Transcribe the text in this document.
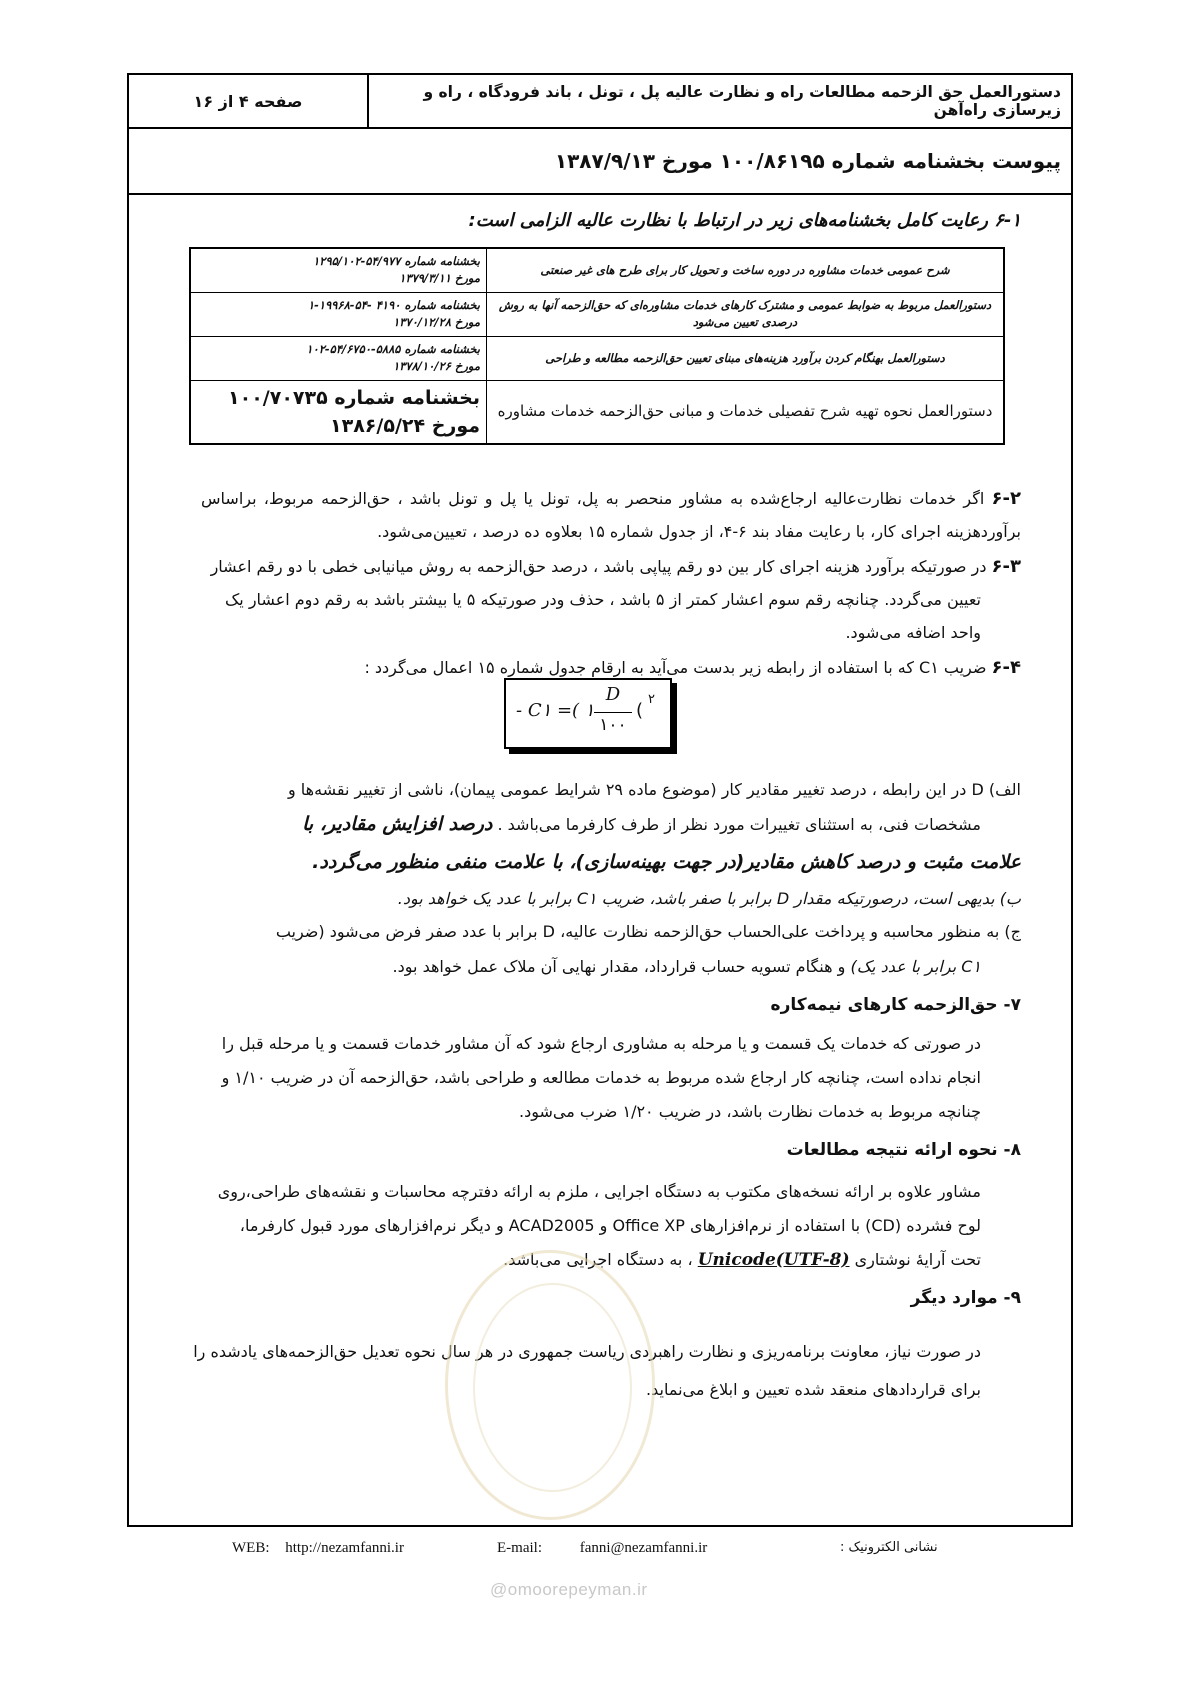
صفحه ۴ از ۱۶	دستورالعمل حق الزحمه مطالعات راه و نظارت عالیه پل ، تونل ، باند فرودگاه ، راه و زیرسازی راه‌آهن
پیوست بخشنامه شماره ۱۰۰/۸۶۱۹۵ مورخ ۱۳۸۷/۹/۱۳
۶-۱ رعایت کامل بخشنامه‌های زیر در ارتباط با نظارت عالیه الزامی است:
شرح عمومی خدمات مشاوره در دوره ساخت و تحویل کار برای طرح های غیر صنعتی	بخشنامه شماره ۵۴/۹۷۷-۱۲۹۵/۱۰۲
مورخ ۱۳۷۹/۳/۱۱

دستورالعمل مربوط به ضوابط عمومی و مشترک کارهای خدمات مشاوره‌ای که حق‌الزحمه آنها به روش درصدی تعیین می‌شود	بخشنامه شماره ۴۱۹۰ -۵۴-۱۹۹۶۸-۱
مورخ ۱۳۷۰/۱۲/۲۸

دستورالعمل بهنگام کردن برآورد هزینه‌های مبنای تعیین حق‌الزحمه مطالعه و طراحی	بخشنامه شماره ۵۸۸۵-۵۴/۶۷۵۰-۱۰۲
مورخ ۱۳۷۸/۱۰/۲۶

دستورالعمل نحوه تهیه شرح تفصیلی خدمات و مبانی حق‌الزحمه خدمات مشاوره	بخشنامه شماره ۱۰۰/۷۰۷۳۵
مورخ ۱۳۸۶/۵/۲۴
۶-۲ اگر خدمات نظارت‌عالیه ارجاع‌شده به مشاور منحصر به پل، تونل یا پل و تونل باشد ، حق‌الزحمه مربوط، براساس برآورد
هزینه اجرای کار، با رعایت مفاد بند ۶-۴، از جدول شماره ۱۵ بعلاوه ده درصد ، تعیین‌می‌شود.
۶-۳ در صورتیکه برآورد هزینه اجرای کار بین دو رقم پیاپی باشد ، درصد حق‌الزحمه به روش میانیابی خطی با دو رقم اعشار
تعیین می‌گردد. چنانچه رقم سوم اعشار کمتر از ۵ باشد ، حذف ودر صورتیکه ۵ یا بیشتر باشد به رقم دوم اعشار یک
واحد اضافه می‌شود.
۶-۴ ضریب C۱ که با استفاده از رابطه زیر بدست می‌آید به ارقام جدول شماره ۱۵ اعمال می‌گردد :
C۱ =( ۱ -
D
۱۰۰
)
۲
الف) D در این رابطه ، درصد تغییر مقادیر کار (موضوع ماده ۲۹ شرایط عمومی پیمان)، ناشی از تغییر نقشه‌ها و
مشخصات فنی، به استثنای تغییرات مورد نظر از طرف کارفرما می‌باشد . درصد افزایش مقادیر، با
علامت مثبت و درصد کاهش مقادیر(در جهت بهینه‌سازی)، با علامت منفی منظور می‌گردد.
ب) بدیهی است، درصورتیکه مقدار D برابر با صفر باشد، ضریب C۱ برابر با عدد یک خواهد بود.
ج) به منظور محاسبه و پرداخت علی‌الحساب حق‌الزحمه نظارت عالیه، D برابر با عدد صفر فرض می‌شود (ضریب
C۱ برابر با عدد یک) و هنگام تسویه حساب قرارداد، مقدار نهایی آن ملاک عمل خواهد بود.
۷- حق‌الزحمه کارهای نیمه‌کاره
در صورتی که خدمات یک قسمت و یا مرحله به مشاوری ارجاع شود که آن مشاور خدمات قسمت و یا مرحله قبل را
انجام نداده است، چنانچه کار ارجاع شده مربوط به خدمات مطالعه و طراحی باشد، حق‌الزحمه آن در ضریب ۱/۱۰ و
چنانچه مربوط به خدمات نظارت باشد، در ضریب ۱/۲۰ ضرب می‌شود.
۸- نحوه ارائه نتیجه مطالعات
مشاور علاوه بر ارائه نسخه‌های مکتوب به دستگاه اجرایی ، ملزم به ارائه دفترچه محاسبات و نقشه‌های طراحی،روی
لوح فشرده (CD) با استفاده از نرم‌افزارهای Office XP و ACAD2005 و دیگر نرم‌افزارهای مورد قبول کارفرما،
تحت آرایهٔ نوشتاری Unicode(UTF-8) ، به دستگاه اجرایی می‌باشد.
۹- موارد دیگر
در صورت نیاز، معاونت برنامه‌ریزی و نظارت راهبردی ریاست جمهوری در هر سال نحوه تعدیل حق‌الزحمه‌های یادشده را
برای قراردادهای منعقد شده تعیین و ابلاغ می‌نماید.
WEB: http://nezamfanni.ir	E-mail:	fanni@nezamfanni.ir	نشانی الکترونیک :
@omoorepeyman.ir
